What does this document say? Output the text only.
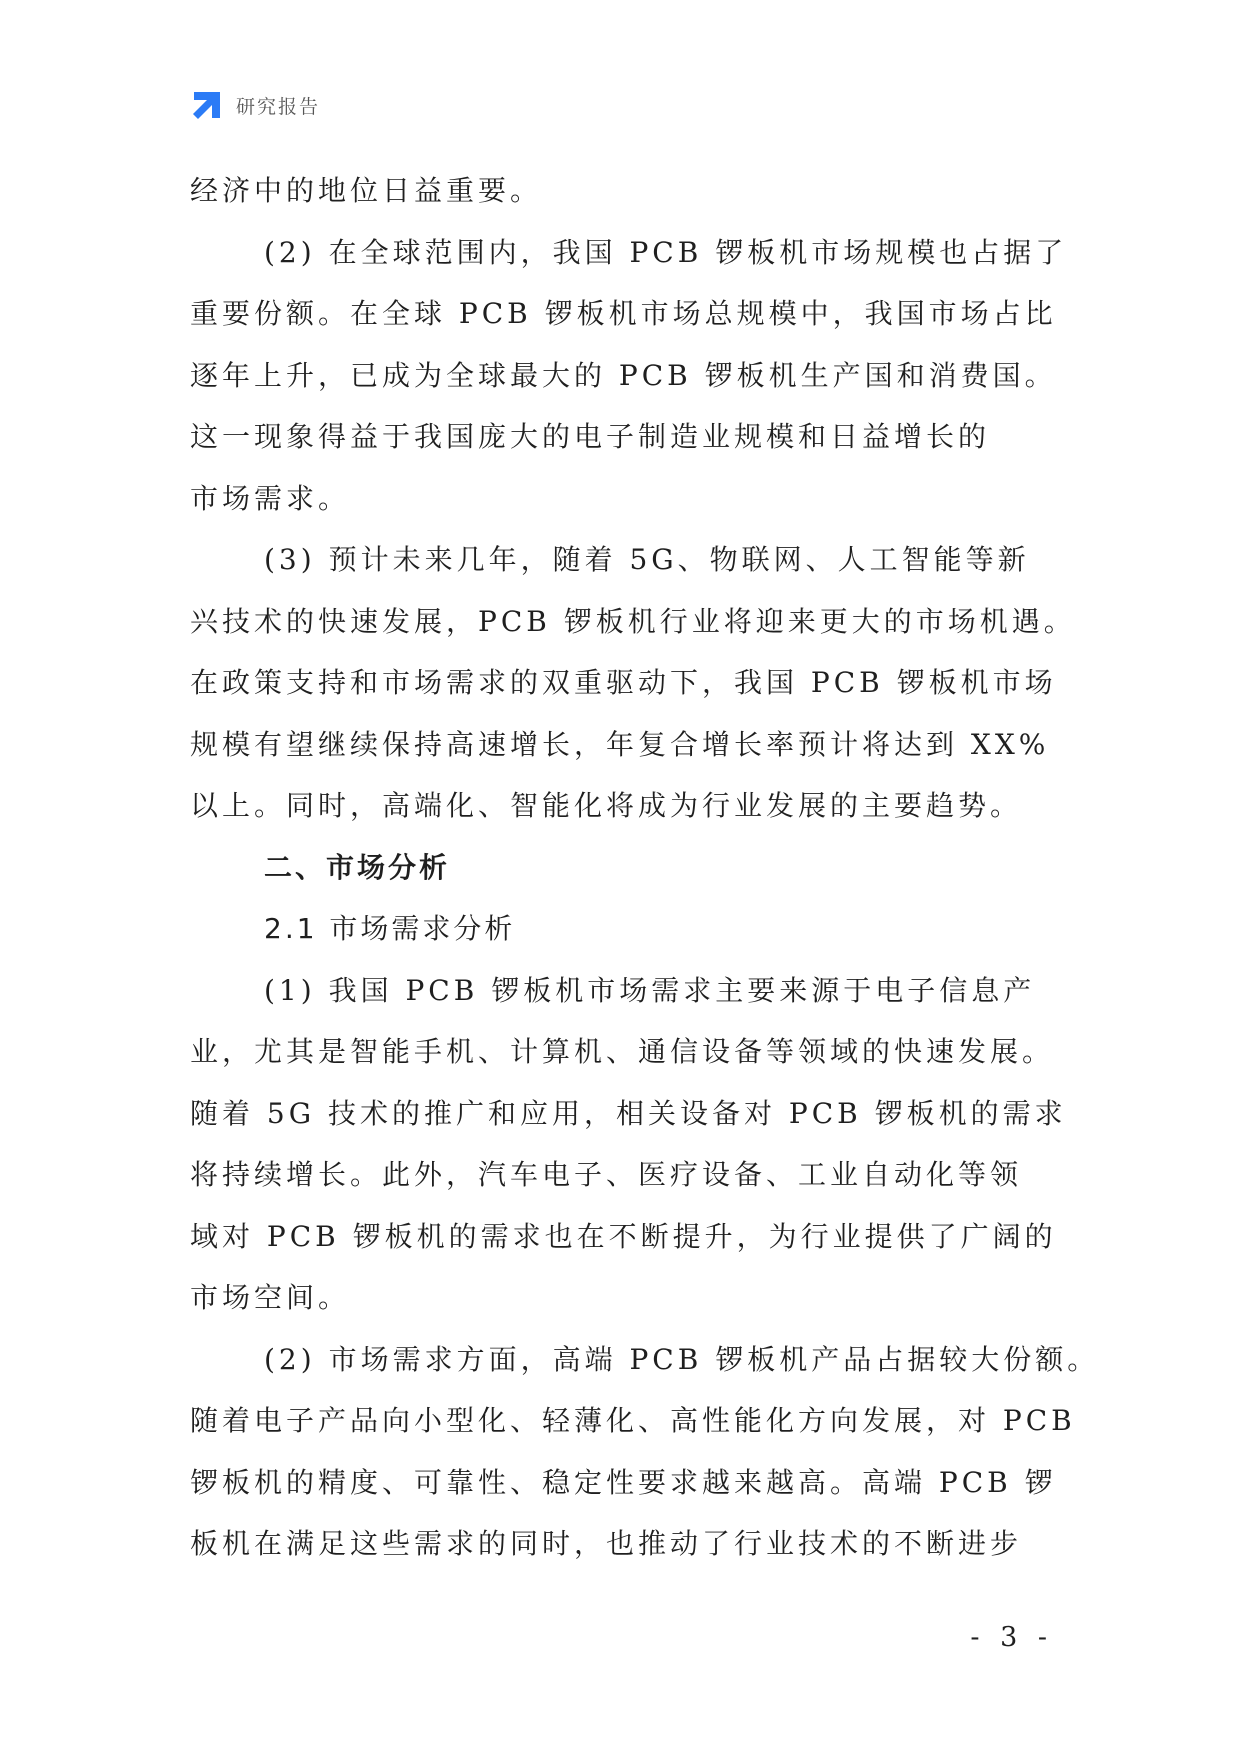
研究报告

经济中的地位日益重要。

(2) 在全球范围内，我国 PCB 锣板机市场规模也占据了

重要份额。在全球 PCB 锣板机市场总规模中，我国市场占比

逐年上升，已成为全球最大的 PCB 锣板机生产国和消费国。

这一现象得益于我国庞大的电子制造业规模和日益增长的

市场需求。

(3) 预计未来几年，随着 5G、物联网、人工智能等新

兴技术的快速发展，PCB 锣板机行业将迎来更大的市场机遇。

在政策支持和市场需求的双重驱动下，我国 PCB 锣板机市场

规模有望继续保持高速增长，年复合增长率预计将达到 XX%

以上。同时，高端化、智能化将成为行业发展的主要趋势。

二、市场分析

2.1 市场需求分析

(1) 我国 PCB 锣板机市场需求主要来源于电子信息产

业，尤其是智能手机、计算机、通信设备等领域的快速发展。

随着 5G 技术的推广和应用，相关设备对 PCB 锣板机的需求

将持续增长。此外，汽车电子、医疗设备、工业自动化等领

域对 PCB 锣板机的需求也在不断提升，为行业提供了广阔的

市场空间。

(2) 市场需求方面，高端 PCB 锣板机产品占据较大份额。

随着电子产品向小型化、轻薄化、高性能化方向发展，对 PCB

锣板机的精度、可靠性、稳定性要求越来越高。高端 PCB 锣

板机在满足这些需求的同时，也推动了行业技术的不断进步

- 3 -
